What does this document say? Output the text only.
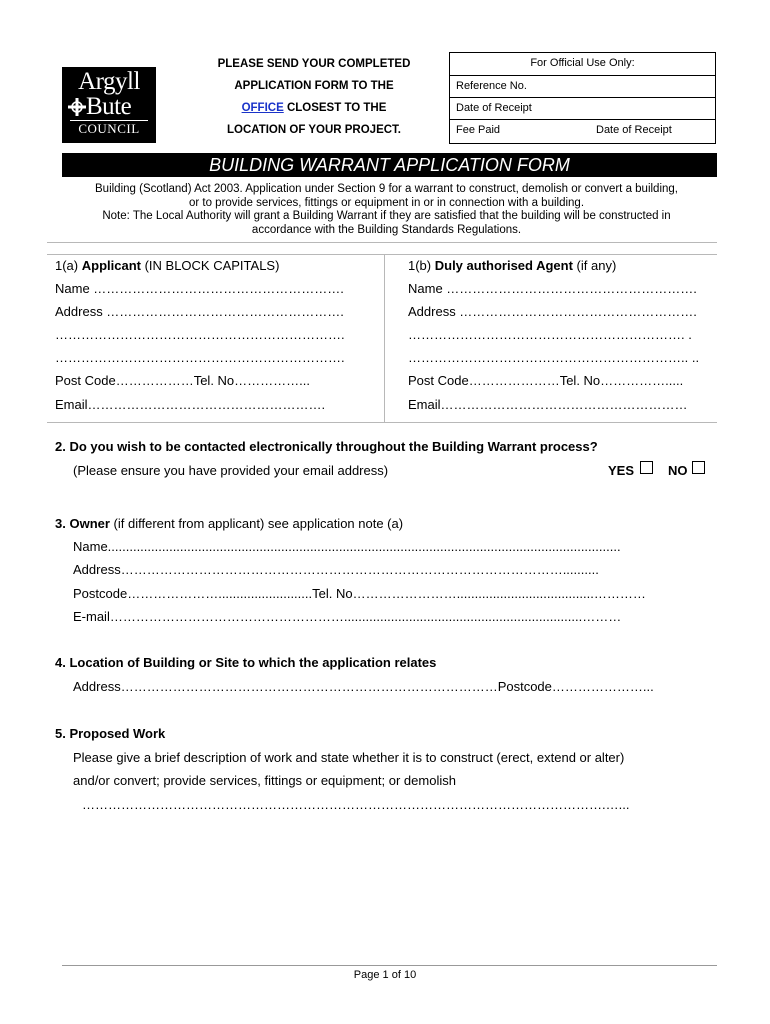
Argyll
Bute
COUNCIL
PLEASE SEND YOUR COMPLETED
APPLICATION FORM TO THE
OFFICE CLOSEST TO THE
LOCATION OF YOUR PROJECT.
For Official Use Only:
Reference No.
Date of Receipt
Fee Paid	Date of Receipt
BUILDING WARRANT APPLICATION FORM
Building (Scotland) Act 2003. Application under Section 9 for a warrant to construct, demolish or convert a building,
or to provide services, fittings or equipment in or in connection with a building.
Note: The Local Authority will grant a Building Warrant if they are satisfied that the building will be constructed in
accordance with the Building Standards Regulations.
1(a) Applicant (IN BLOCK CAPITALS)
Name ………………………………………………….
Address ……………………………………………….
………………………………………………………….
………………………………………………………….
Post Code………………Tel. No……………...
Email……………………………………………….
1(b) Duly authorised Agent (if any)
Name ………………………………………………….
Address ……………………………………………….
………………………………………………………. .
……………………………………………………….. ..
Post Code…………………Tel. No…………….....
Email…………………………………………………
2. Do you wish to be contacted electronically throughout the Building Warrant process?
(Please ensure you have provided your email address)	YES	NO
3. Owner (if different from applicant) see application note (a)
Name..............................................................................................................................................
Address…………………………………………………………………………………………..........
Postcode…………………..........................Tel. No……………………......................................…………
E-mail………………………………………………..................................................................………
4. Location of Building or Site to which the application relates
Address……………………………………………………………………………Postcode…………………...
5. Proposed Work
Please give a brief description of work and state whether it is to construct (erect, extend or alter)
and/or convert; provide services, fittings or equipment; or demolish
………………………………………………………………………………………………………….…...
Page 1 of 10
